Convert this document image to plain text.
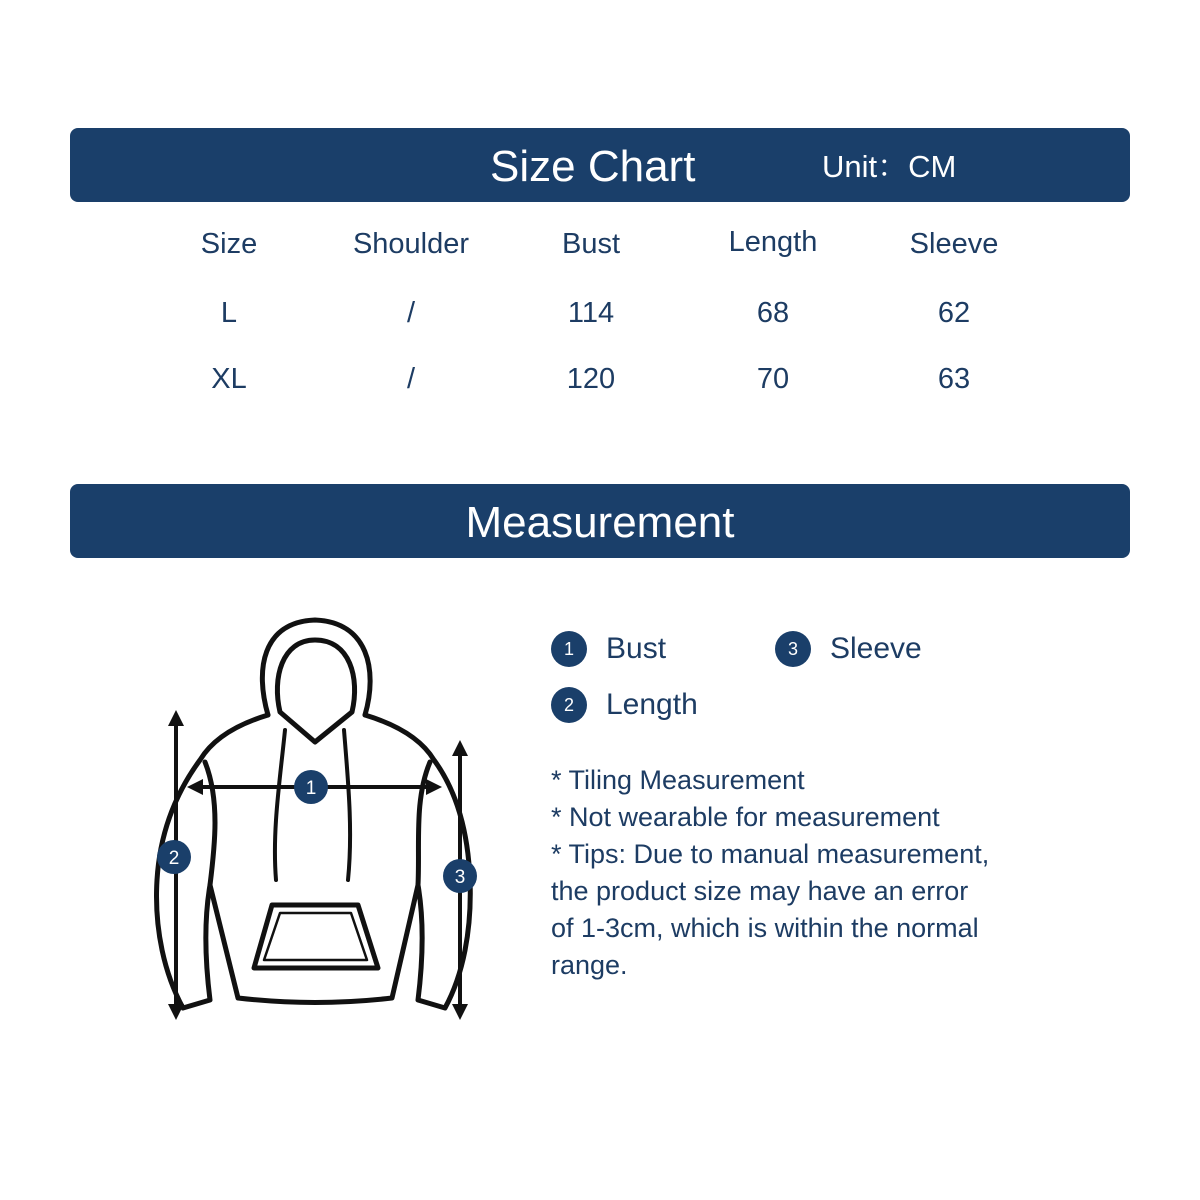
Size Chart	Unit：CM
Size	Shoulder	Bust	Length	Sleeve
L	/	114	68	62
XL	/	120	70	63
Measurement
1
2
3
1	Bust	3	Sleeve
2	Length
* Tiling Measurement
* Not wearable for measurement
* Tips: Due to manual measurement,
the product size may have an error
of 1-3cm, which is within the normal
range.
